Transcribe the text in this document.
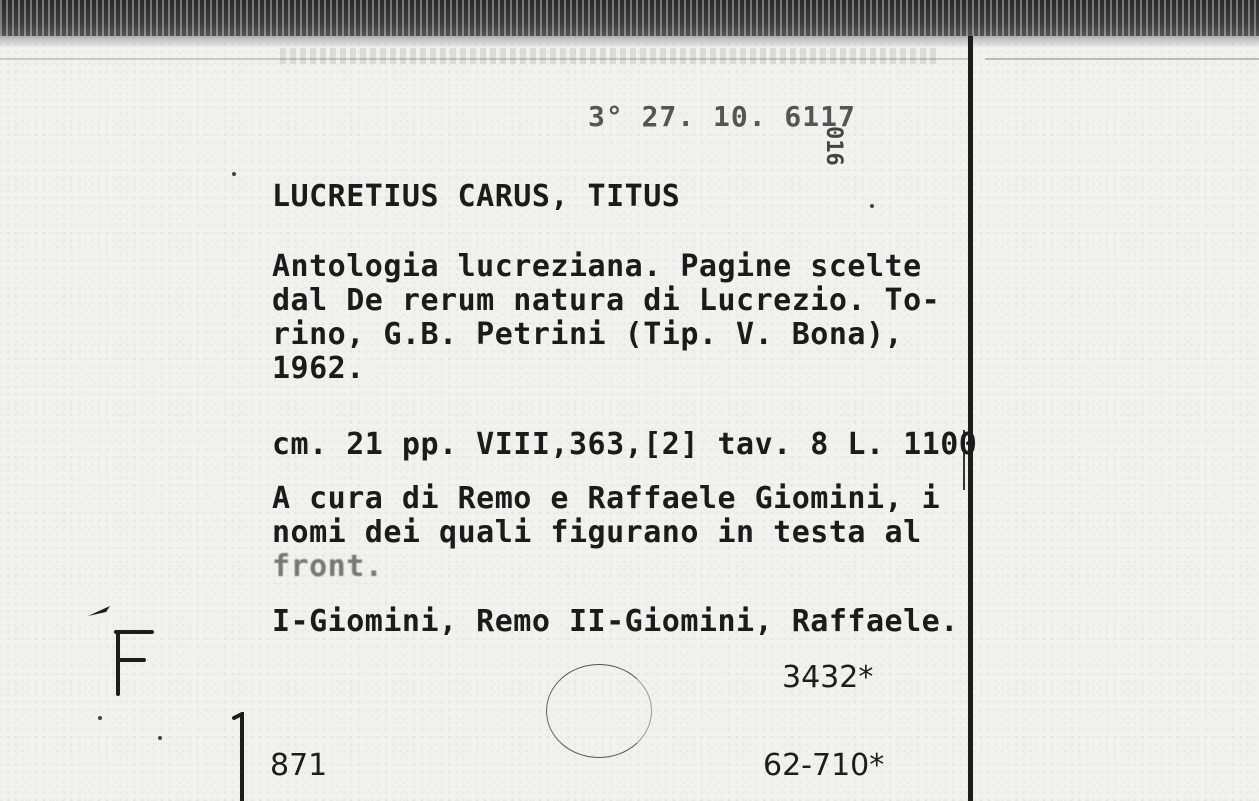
3° 27. 10. 6117
016
LUCRETIUS CARUS, TITUS
Antologia lucreziana. Pagine scelte
dal De rerum natura di Lucrezio. To-
rino, G.B. Petrini (Tip. V. Bona),
1962.
cm. 21 pp. VIII,363,[2] tav. 8 L. 1100
A cura di Remo e Raffaele Giomini, i
nomi dei quali figurano in testa al
front.
I-Giomini, Remo II-Giomini, Raffaele.
3432*
871	62-710*
